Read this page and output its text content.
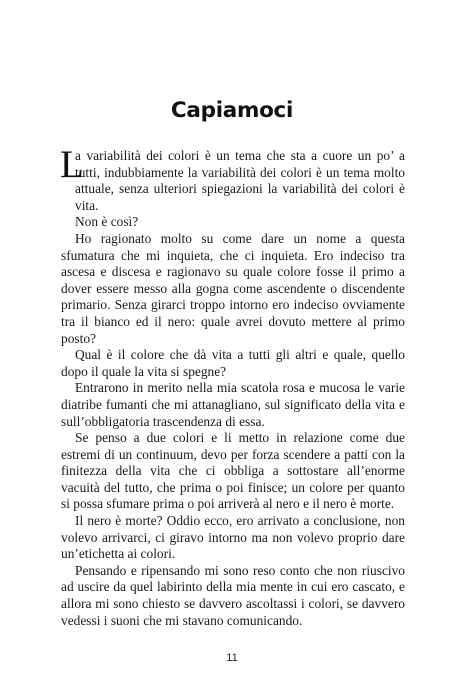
Capiamoci

L
a variabilità dei colori è un tema che sta a cuore un po’ a tutti, indubbiamente la variabilità dei colori è un tema molto attuale, senza ulteriori spiegazioni la variabilità dei colori è vita.

Non è così?

Ho ragionato molto su come dare un nome a questa sfumatura che mi inquieta, che ci inquieta. Ero indeciso tra ascesa e discesa e ragionavo su quale colore fosse il primo a dover essere messo alla gogna come ascendente o discendente primario. Senza girarci troppo intorno ero indeciso ovviamente tra il bianco ed il nero: quale avrei dovuto mettere al primo posto?

Qual è il colore che dà vita a tutti gli altri e quale, quello dopo il quale la vita si spegne?

Entrarono in merito nella mia scatola rosa e mucosa le varie diatribe fumanti che mi attanagliano, sul significato della vita e sull’obbligatoria trascendenza di essa.

Se penso a due colori e li metto in relazione come due estremi di un continuum, devo per forza scendere a patti con la finitezza della vita che ci obbliga a sottostare all’enorme vacuità del tutto, che prima o poi finisce; un colore per quanto si possa sfumare prima o poi arriverà al nero e il nero è morte.

Il nero è morte? Oddio ecco, ero arrivato a conclusione, non volevo arrivarci, ci giravo intorno ma non volevo proprio dare un’etichetta ai colori.

Pensando e ripensando mi sono reso conto che non riuscivo ad uscire da quel labirinto della mia mente in cui ero cascato, e allora mi sono chiesto se davvero ascoltassi i colori, se davvero vedessi i suoni che mi stavano comunicando.

11
